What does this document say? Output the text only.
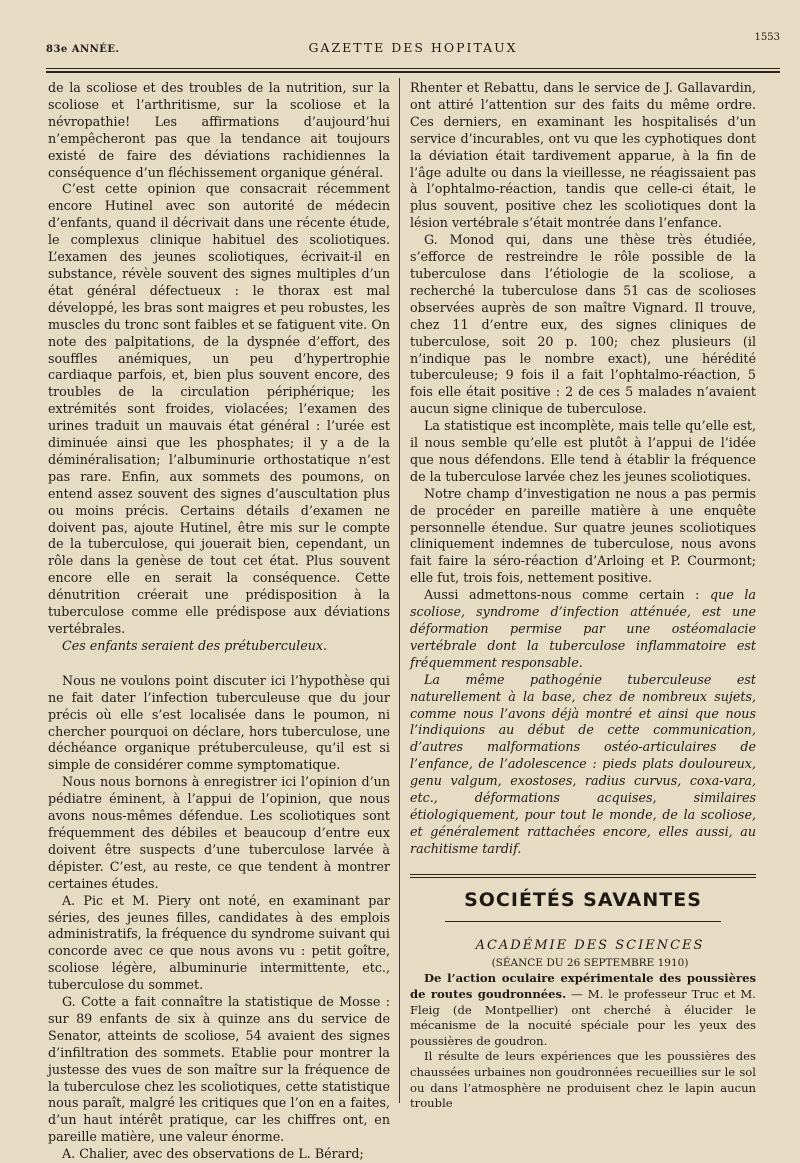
83e ANNÉE.	GAZETTE DES HOPITAUX
1553

de la scoliose et des troubles de la nutrition, sur la scoliose et l’arthritisme, sur la scoliose et la névropathie! Les affirmations d’aujourd’hui n’empêcheront pas que la tendance ait toujours existé de faire des déviations rachidiennes la conséquence d’un fléchissement organique général.

C’est cette opinion que consacrait récemment encore Hutinel avec son autorité de médecin d’enfants, quand il décrivait dans une récente étude, le complexus clinique habituel des scoliotiques. L’examen des jeunes scoliotiques, écrivait-il en substance, révèle souvent des signes multiples d’un état général défectueux : le thorax est mal développé, les bras sont maigres et peu robustes, les muscles du tronc sont faibles et se fatiguent vite. On note des palpitations, de la dyspnée d’effort, des souffles anémiques, un peu d’hypertrophie cardiaque parfois, et, bien plus souvent encore, des troubles de la circulation périphérique; les extrémités sont froides, violacées; l’examen des urines traduit un mauvais état général : l’urée est diminuée ainsi que les phosphates; il y a de la déminéralisation; l’albuminurie orthostatique n’est pas rare. Enfin, aux sommets des poumons, on entend assez souvent des signes d’auscultation plus ou moins précis. Certains détails d’examen ne doivent pas, ajoute Hutinel, être mis sur le compte de la tuberculose, qui jouerait bien, cependant, un rôle dans la genèse de tout cet état. Plus souvent encore elle en serait la conséquence. Cette dénutrition créerait une prédisposition à la tuberculose comme elle prédispose aux déviations vertébrales.

Ces enfants seraient des prétuberculeux.

Nous ne voulons point discuter ici l’hypothèse qui ne fait dater l’infection tuberculeuse que du jour précis où elle s’est localisée dans le poumon, ni chercher pourquoi on déclare, hors tuberculose, une déchéance organique prétuberculeuse, qu’il est si simple de considérer comme symptomatique.

Nous nous bornons à enregistrer ici l’opinion d’un pédiatre éminent, à l’appui de l’opinion, que nous avons nous-mêmes défendue. Les scoliotiques sont fréquemment des débiles et beaucoup d’entre eux doivent être suspects d’une tuberculose larvée à dépister. C’est, au reste, ce que tendent à montrer certaines études.

A. Pic et M. Piery ont noté, en examinant par séries, des jeunes filles, candidates à des emplois administratifs, la fréquence du syndrome suivant qui concorde avec ce que nous avons vu : petit goître, scoliose légère, albuminurie intermittente, etc., tuberculose du sommet.

G. Cotte a fait connaître la statistique de Mosse : sur 89 enfants de six à quinze ans du service de Senator, atteints de scoliose, 54 avaient des signes d’infiltration des sommets. Etablie pour montrer la justesse des vues de son maître sur la fréquence de la tuberculose chez les scoliotiques, cette statistique nous paraît, malgré les critiques que l’on en a faites, d’un haut intérêt pratique, car les chiffres ont, en pareille matière, une valeur énorme.

A. Chalier, avec des observations de L. Bérard;

Rhenter et Rebattu, dans le service de J. Gallavardin, ont attiré l’attention sur des faits du même ordre. Ces derniers, en examinant les hospitalisés d’un service d’incurables, ont vu que les cyphotiques dont la déviation était tardivement apparue, à la fin de l’âge adulte ou dans la vieillesse, ne réagissaient pas à l’ophtalmo-réaction, tandis que celle-ci était, le plus souvent, positive chez les scoliotiques dont la lésion vertébrale s’était montrée dans l’enfance.

G. Monod qui, dans une thèse très étudiée, s’efforce de restreindre le rôle possible de la tuberculose dans l’étiologie de la scoliose, a recherché la tuberculose dans 51 cas de scolioses observées auprès de son maître Vignard. Il trouve, chez 11 d’entre eux, des signes cliniques de tuberculose, soit 20 p. 100; chez plusieurs (il n’indique pas le nombre exact), une hérédité tuberculeuse; 9 fois il a fait l’ophtalmo-réaction, 5 fois elle était positive : 2 de ces 5 malades n’avaient aucun signe clinique de tuberculose.

La statistique est incomplète, mais telle qu’elle est, il nous semble qu’elle est plutôt à l’appui de l’idée que nous défendons. Elle tend à établir la fréquence de la tuberculose larvée chez les jeunes scoliotiques.

Notre champ d’investigation ne nous a pas permis de procéder en pareille matière à une enquête personnelle étendue. Sur quatre jeunes scoliotiques cliniquement indemnes de tuberculose, nous avons fait faire la séro-réaction d’Arloing et P. Courmont; elle fut, trois fois, nettement positive.

Aussi admettons-nous comme certain : que la scoliose, syndrome d’infection atténuée, est une déformation permise par une ostéomalacie vertébrale dont la tuberculose inflammatoire est fréquemment responsable.

La même pathogénie tuberculeuse est naturellement à la base, chez de nombreux sujets, comme nous l’avons déjà montré et ainsi que nous l’indiquions au début de cette communication, d’autres malformations ostéo-articulaires de l’enfance, de l’adolescence : pieds plats douloureux, genu valgum, exostoses, radius curvus, coxa-vara, etc., déformations acquises, similaires étiologiquement, pour tout le monde, de la scoliose, et généralement rattachées encore, elles aussi, au rachitisme tardif.

SOCIÉTÉS SAVANTES

ACADÉMIE DES SCIENCES

(SÉANCE DU 26 SEPTEMBRE 1910)

De l’action oculaire expérimentale des poussières de routes goudronnées. — M. le professeur Truc et M. Fleig (de Montpellier) ont cherché à élucider le mécanisme de la nocuité spéciale pour les yeux des poussières de goudron.

Il résulte de leurs expériences que les poussières des chaussées urbaines non goudronnées recueillies sur le sol ou dans l’atmosphère ne produisent chez le lapin aucun trouble
